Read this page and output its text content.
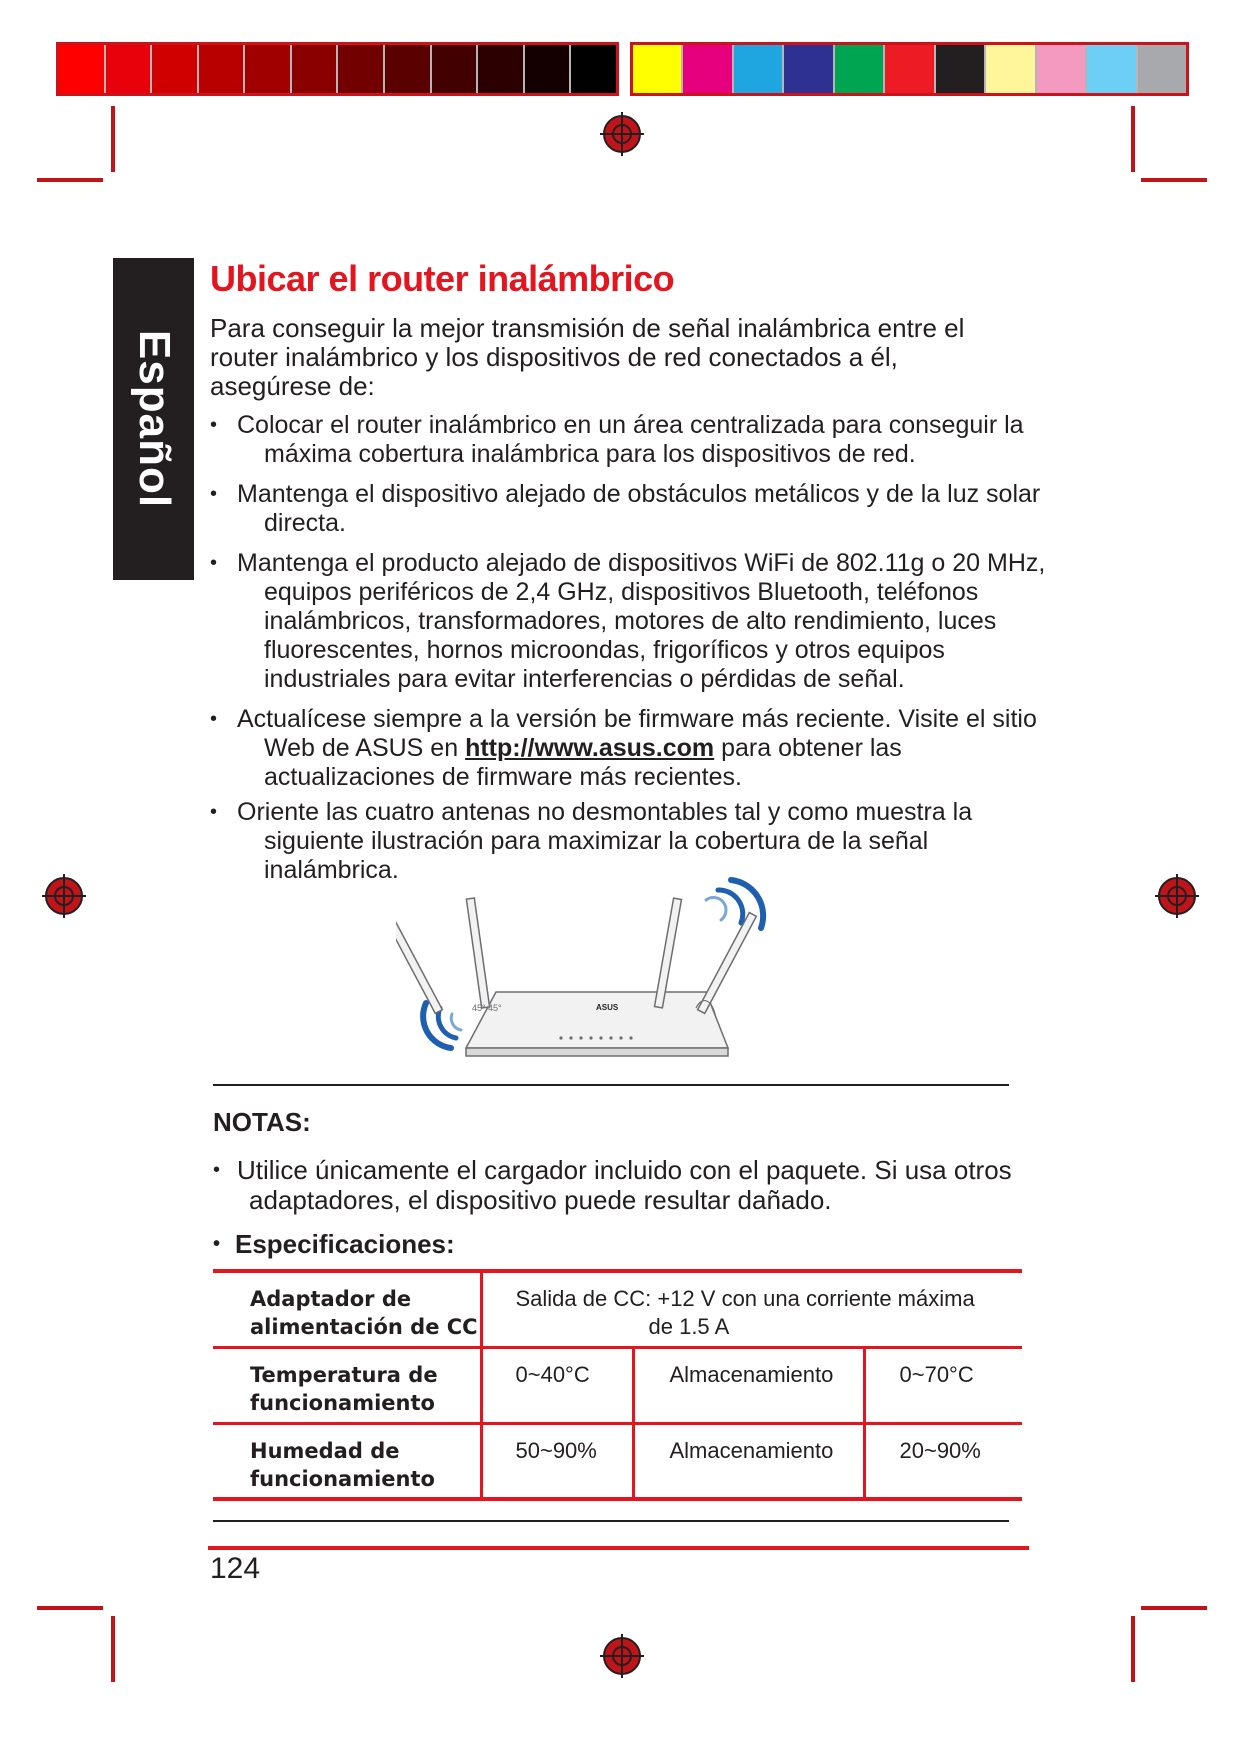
Español
Ubicar el router inalámbrico

Para conseguir la mejor transmisión de señal inalámbrica entre el router inalámbrico y los dispositivos de red conectados a él, asegúrese de:

• Colocar el router inalámbrico en un área centralizada para conseguir la máxima cobertura inalámbrica para los dispositivos de red.
• Mantenga el dispositivo alejado de obstáculos metálicos y de la luz solar directa.
• Mantenga el producto alejado de dispositivos WiFi de 802.11g o 20 MHz, equipos periféricos de 2,4 GHz, dispositivos Bluetooth, teléfonos inalámbricos, transformadores, motores de alto rendimiento, luces fluorescentes, hornos microondas, frigoríficos y otros equipos industriales para evitar interferencias o pérdidas de señal.
• Actualícese siempre a la versión be firmware más reciente. Visite el sitio Web de ASUS en http://www.asus.com para obtener las actualizaciones de firmware más recientes.
• Oriente las cuatro antenas no desmontables tal y como muestra la siguiente ilustración para maximizar la cobertura de la señal inalámbrica.
45° 45°	ASUS
NOTAS:
• Utilice únicamente el cargador incluido con el paquete. Si usa otros adaptadores, el dispositivo puede resultar dañado.
• Especificaciones:
Adaptador de alimentación de CC	Salida de CC: +12 V con una corriente máxima
de 1.5 A		

Temperatura de funcionamiento	0~40°C	Almacenamiento	0~70°C
Humedad de funcionamiento	50~90%	Almacenamiento	20~90%
124
